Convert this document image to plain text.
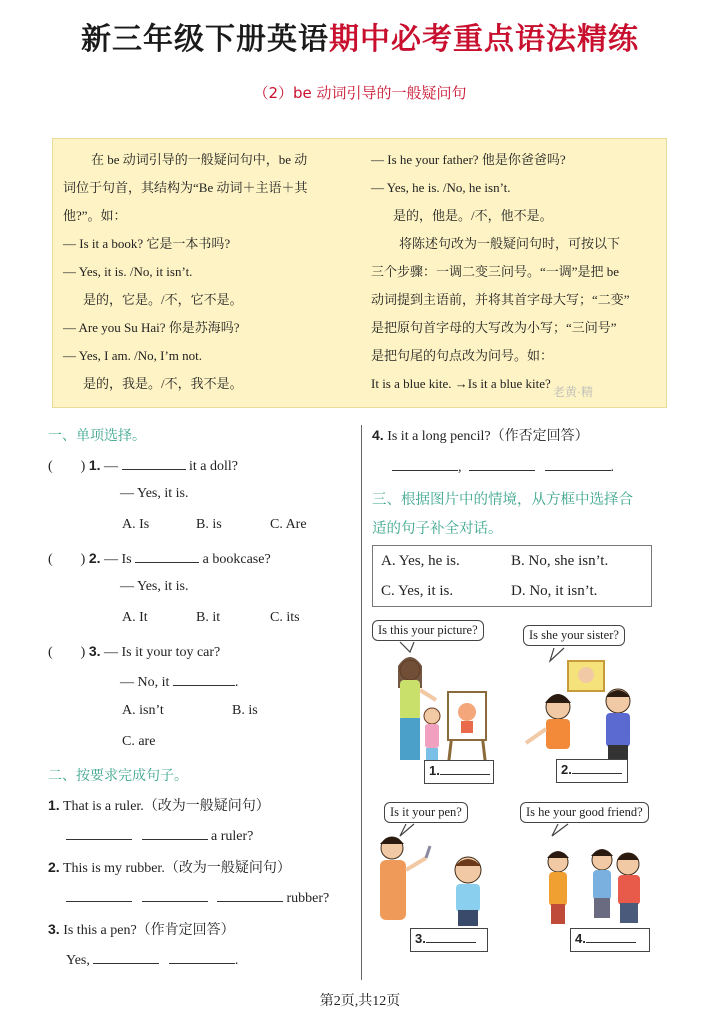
新三年级下册英语期中必考重点语法精练
（2）be 动词引导的一般疑问句
在 be 动词引导的一般疑问句中，be 动
词位于句首，其结构为“Be 动词＋主语＋其
他?”。如：
— Is it a book? 它是一本书吗?
— Yes, it is. /No, it isn’t.
是的，它是。/不，它不是。
— Are you Su Hai? 你是苏海吗?
— Yes, I am. /No, I’m not.
是的，我是。/不，我不是。
— Is he your father? 他是你爸爸吗?
— Yes, he is. /No, he isn’t.
是的，他是。/不，他不是。
将陈述句改为一般疑问句时，可按以下
三个步骤：一调二变三问号。“一调”是把 be
动词提到主语前，并将其首字母大写；“二变”
是把原句首字母的大写改为小写；“三问号”
是把句尾的句点改为问号。如：
It is a blue kite. →Is it a blue kite?
老黄·精
一、单项选择。
(　　) 1. —	it a doll?
— Yes, it is.
A. Is	B. is	C. Are
(　　) 2. — Is	a bookcase?
— Yes, it is.
A. It	B. it	C. its
(　　) 3. — Is it your toy car?
— No, it	.
A. isn’t	B. is
C. are
二、按要求完成句子。
1. That is a ruler.（改为一般疑问句）
a ruler?
2. This is my rubber.（改为一般疑问句）
rubber?
3. Is this a pen?（作肯定回答）
Yes,	.
4. Is it a long pencil?（作否定回答）
,	.
三、根据图片中的情境，从方框中选择合
适的句子补全对话。
A. Yes, he is.	B. No, she isn’t.
C. Yes, it is.	D. No, it isn’t.
Is this your picture?
1.
Is she your sister?
2.
Is it your pen?
3.
Is he your good friend?
4.
第2页,共12页
